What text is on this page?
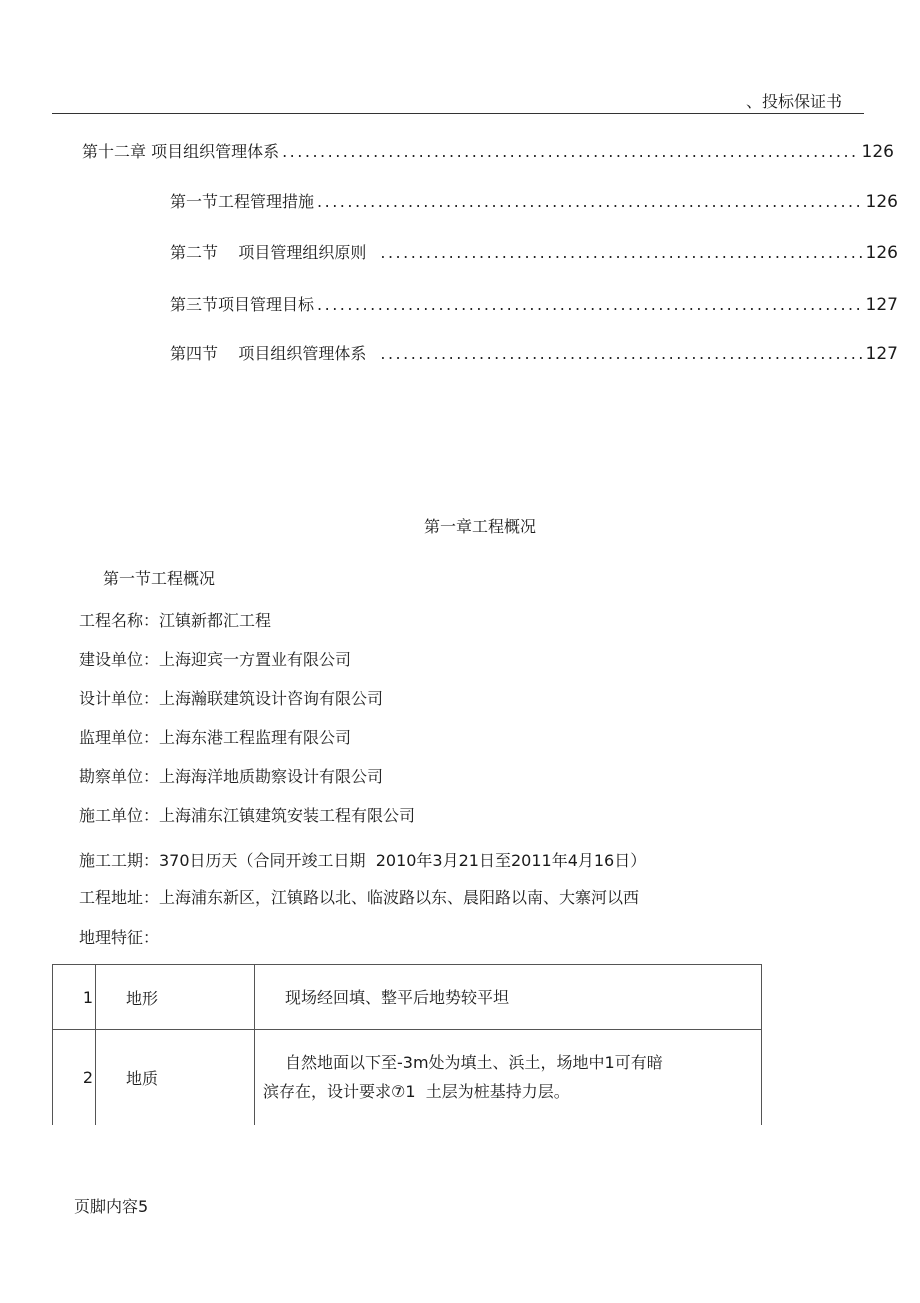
、投标保证书
第十二章 项目组织管理体系 .....	126
第一节工程管理措施 .....	126
第二节    项目管理组织原则 .....	126
第三节项目管理目标 .....	127
第四节    项目组织管理体系 .....	127
第一章工程概况
第一节工程概况
工程名称：江镇新都汇工程
建设单位：上海迎宾一方置业有限公司
设计单位：上海瀚联建筑设计咨询有限公司
监理单位：上海东港工程监理有限公司
勘察单位：上海海洋地质勘察设计有限公司
施工单位：上海浦东江镇建筑安装工程有限公司
施工工期：370日历天（合同开竣工日期  2010年3月21日至2011年4月16日）
工程地址：上海浦东新区，江镇路以北、临波路以东、晨阳路以南、大寨河以西
地理特征：
1	地形	现场经回填、整平后地势较平坦

2	地质	自然地面以下至-3m处为填土、浜土，场地中1可有暗
滨存在，设计要求⑦1  土层为桩基持力层。
页脚内容5
